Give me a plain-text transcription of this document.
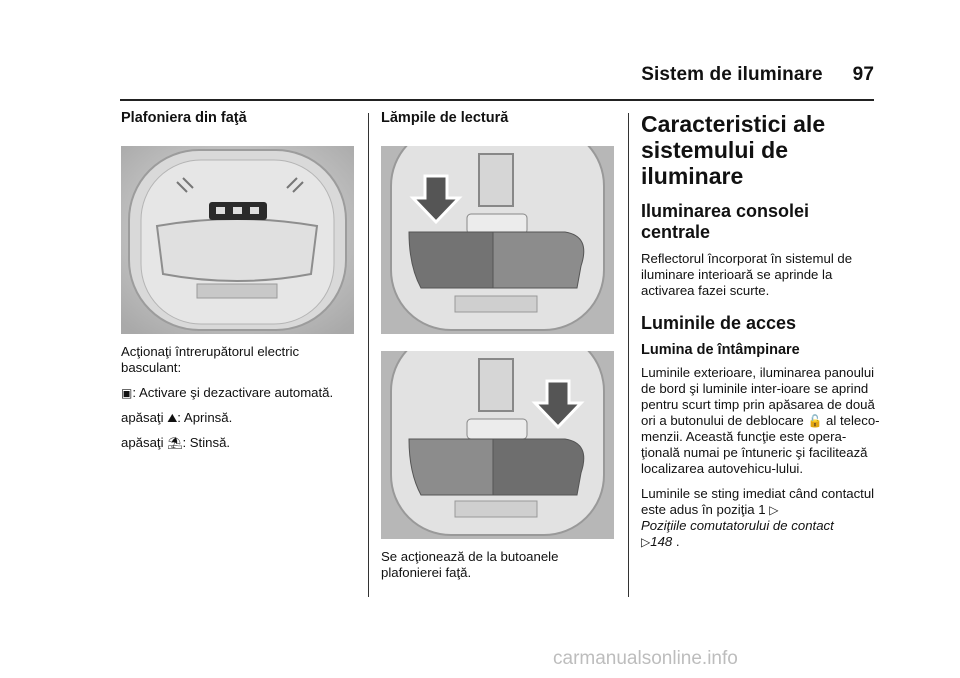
Sistem de iluminare 97

Plafoniera din faţă

Acţionaţi întrerupătorul electric basculant:

▣: Activare şi dezactivare automată.

apăsaţi ⛰: Aprinsă.

apăsaţi ⛱: Stinsă.

Lămpile de lectură

Se acţionează de la butoanele plafonierei faţă.

Caracteristici ale sistemului de iluminare

Iluminarea consolei centrale

Reflectorul încorporat în sistemul de iluminare interioară se aprinde la activarea fazei scurte.

Luminile de acces

Lumina de întâmpinare

Luminile exterioare, iluminarea panoului de bord şi luminile inter-ioare se aprind pentru scurt timp prin apăsarea de două ori a butonului de deblocare 🔓 al teleco-menzii. Această funcţie este opera-ţională numai pe întuneric şi facilitează localizarea autovehicu-lului.

Luminile se sting imediat când contactul este adus în poziţia 1 ▷
Poziţiile comutatorului de contact
▷148 .

carmanualsonline.info
